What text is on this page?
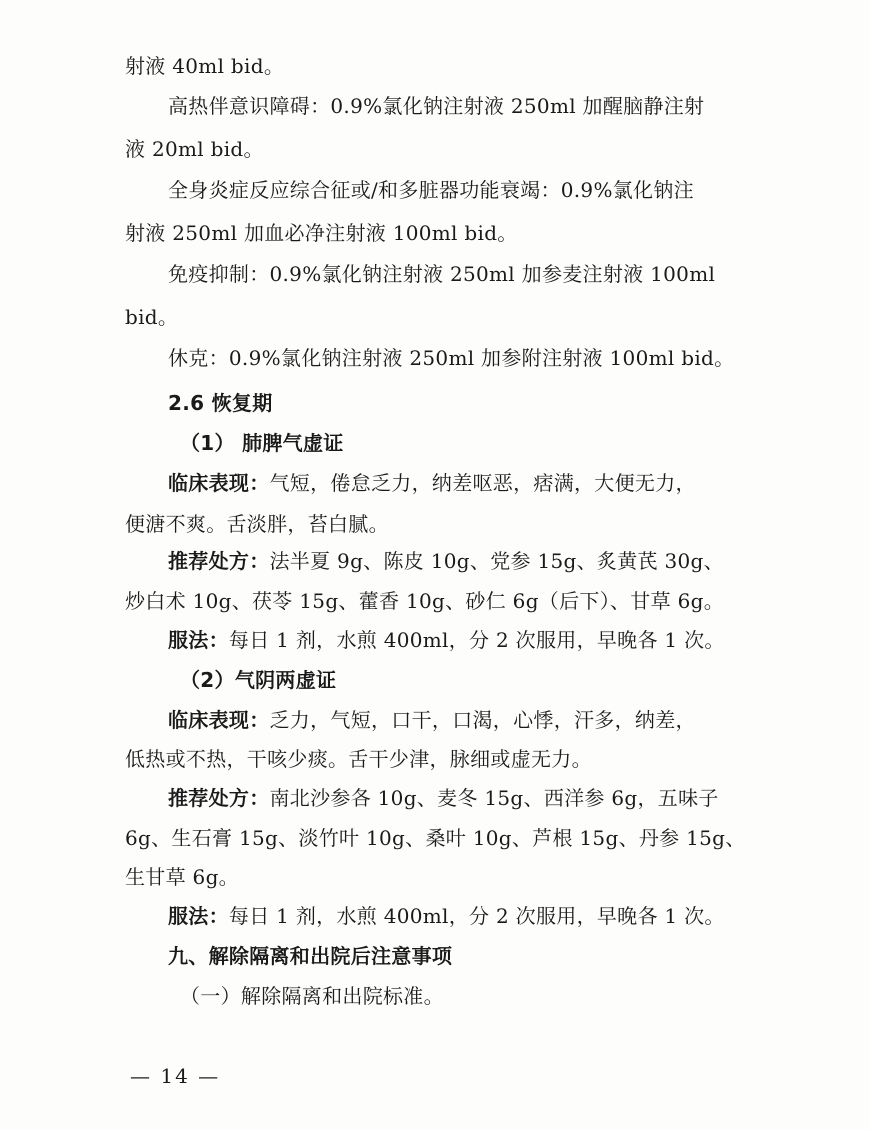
射液 40ml bid。
高热伴意识障碍：0.9%氯化钠注射液 250ml 加醒脑静注射
液 20ml bid。
全身炎症反应综合征或/和多脏器功能衰竭：0.9%氯化钠注
射液 250ml 加血必净注射液 100ml bid。
免疫抑制：0.9%氯化钠注射液 250ml 加参麦注射液 100ml
bid。
休克：0.9%氯化钠注射液 250ml 加参附注射液 100ml bid。
2.6 恢复期
（1） 肺脾气虚证
临床表现：气短，倦怠乏力，纳差呕恶，痞满，大便无力，
便溏不爽。舌淡胖，苔白腻。
推荐处方：法半夏 9g、陈皮 10g、党参 15g、炙黄芪 30g、
炒白术 10g、茯苓 15g、藿香 10g、砂仁 6g（后下）、甘草 6g。
服法：每日 1 剂，水煎 400ml，分 2 次服用，早晚各 1 次。
（2）气阴两虚证
临床表现：乏力，气短，口干，口渴，心悸，汗多，纳差，
低热或不热，干咳少痰。舌干少津，脉细或虚无力。
推荐处方：南北沙参各 10g、麦冬 15g、西洋参 6g，五味子
6g、生石膏 15g、淡竹叶 10g、桑叶 10g、芦根 15g、丹参 15g、
生甘草 6g。
服法：每日 1 剂，水煎 400ml，分 2 次服用，早晚各 1 次。
九、解除隔离和出院后注意事项
（一）解除隔离和出院标准。
— 14 —
